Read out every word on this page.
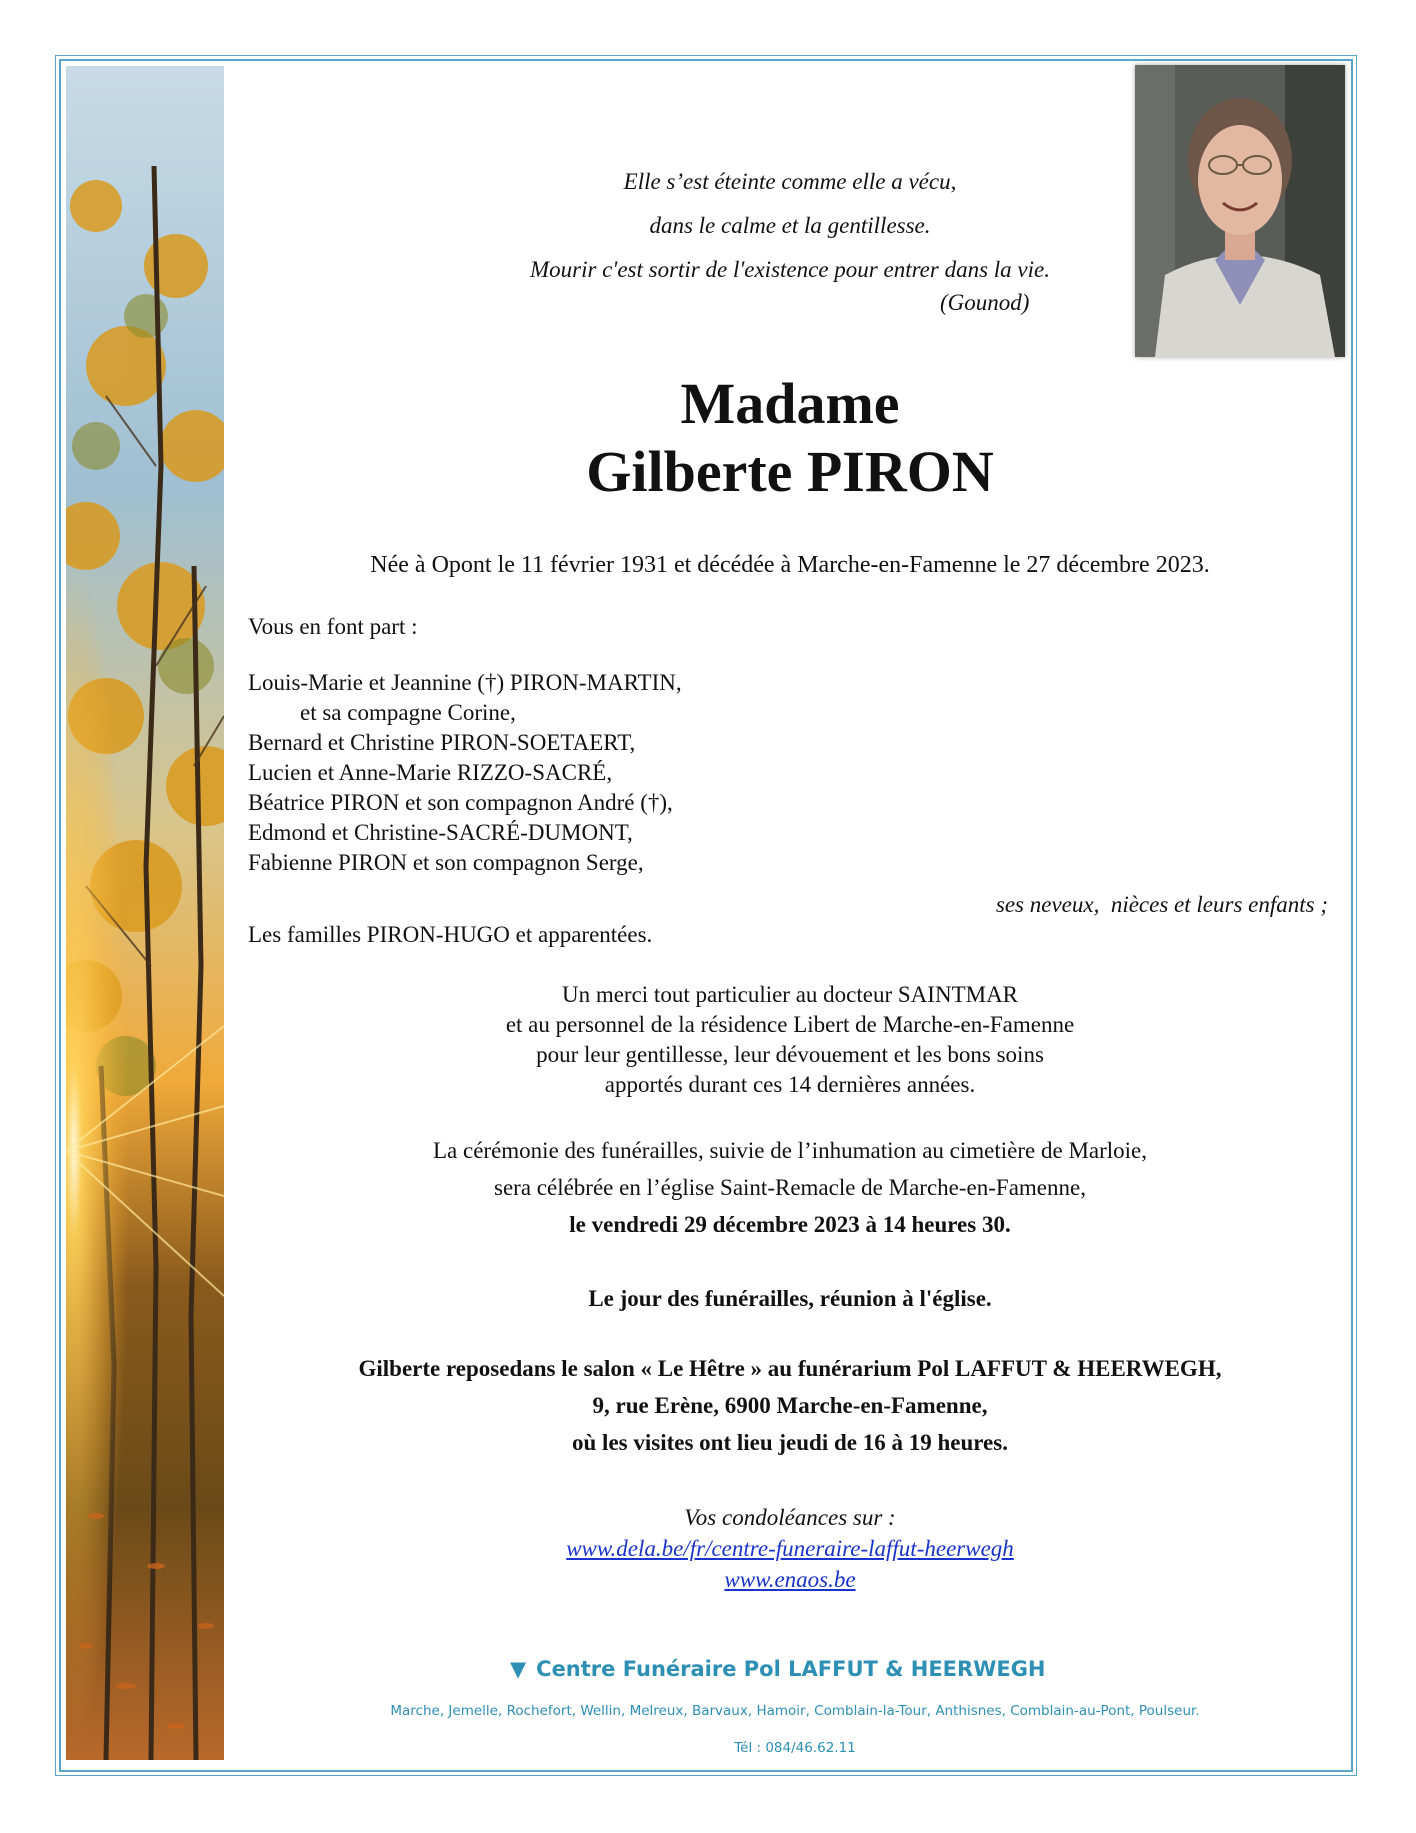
Elle s’est éteinte comme elle a vécu,
dans le calme et la gentillesse.
Mourir c'est sortir de l'existence pour entrer dans la vie.
(Gounod)
Madame
Gilberte PIRON
Née à Opont le 11 février 1931 et décédée à Marche-en-Famenne le 27 décembre 2023.
Vous en font part :
Louis-Marie et Jeannine (†) PIRON-MARTIN,
et sa compagne Corine,
Bernard et Christine PIRON-SOETAERT,
Lucien et Anne-Marie RIZZO-SACRÉ,
Béatrice PIRON et son compagnon André (†),
Edmond et Christine-SACRÉ-DUMONT,
Fabienne PIRON et son compagnon Serge,
ses neveux,  nièces et leurs enfants ;
Les familles PIRON-HUGO et apparentées.
Un merci tout particulier au docteur SAINTMAR
et au personnel de la résidence Libert de Marche-en-Famenne
pour leur gentillesse, leur dévouement et les bons soins
apportés durant ces 14 dernières années.
La cérémonie des funérailles, suivie de l’inhumation au cimetière de Marloie,
sera célébrée en l’église Saint-Remacle de Marche-en-Famenne,
le vendredi 29 décembre 2023 à 14 heures 30.
Le jour des funérailles, réunion à l'église.
Gilberte reposedans le salon « Le Hêtre » au funérarium Pol LAFFUT & HEERWEGH,
9, rue Erène, 6900 Marche-en-Famenne,
où les visites ont lieu jeudi de 16 à 19 heures.
Vos condoléances sur :
www.dela.be/fr/centre-funeraire-laffut-heerwegh
www.enaos.be
▼ Centre Funéraire Pol LAFFUT & HEERWEGH
Marche, Jemelle, Rochefort, Wellin, Melreux, Barvaux, Hamoir, Comblain-la-Tour, Anthisnes, Comblain-au-Pont, Poulseur.
Tél : 084/46.62.11
